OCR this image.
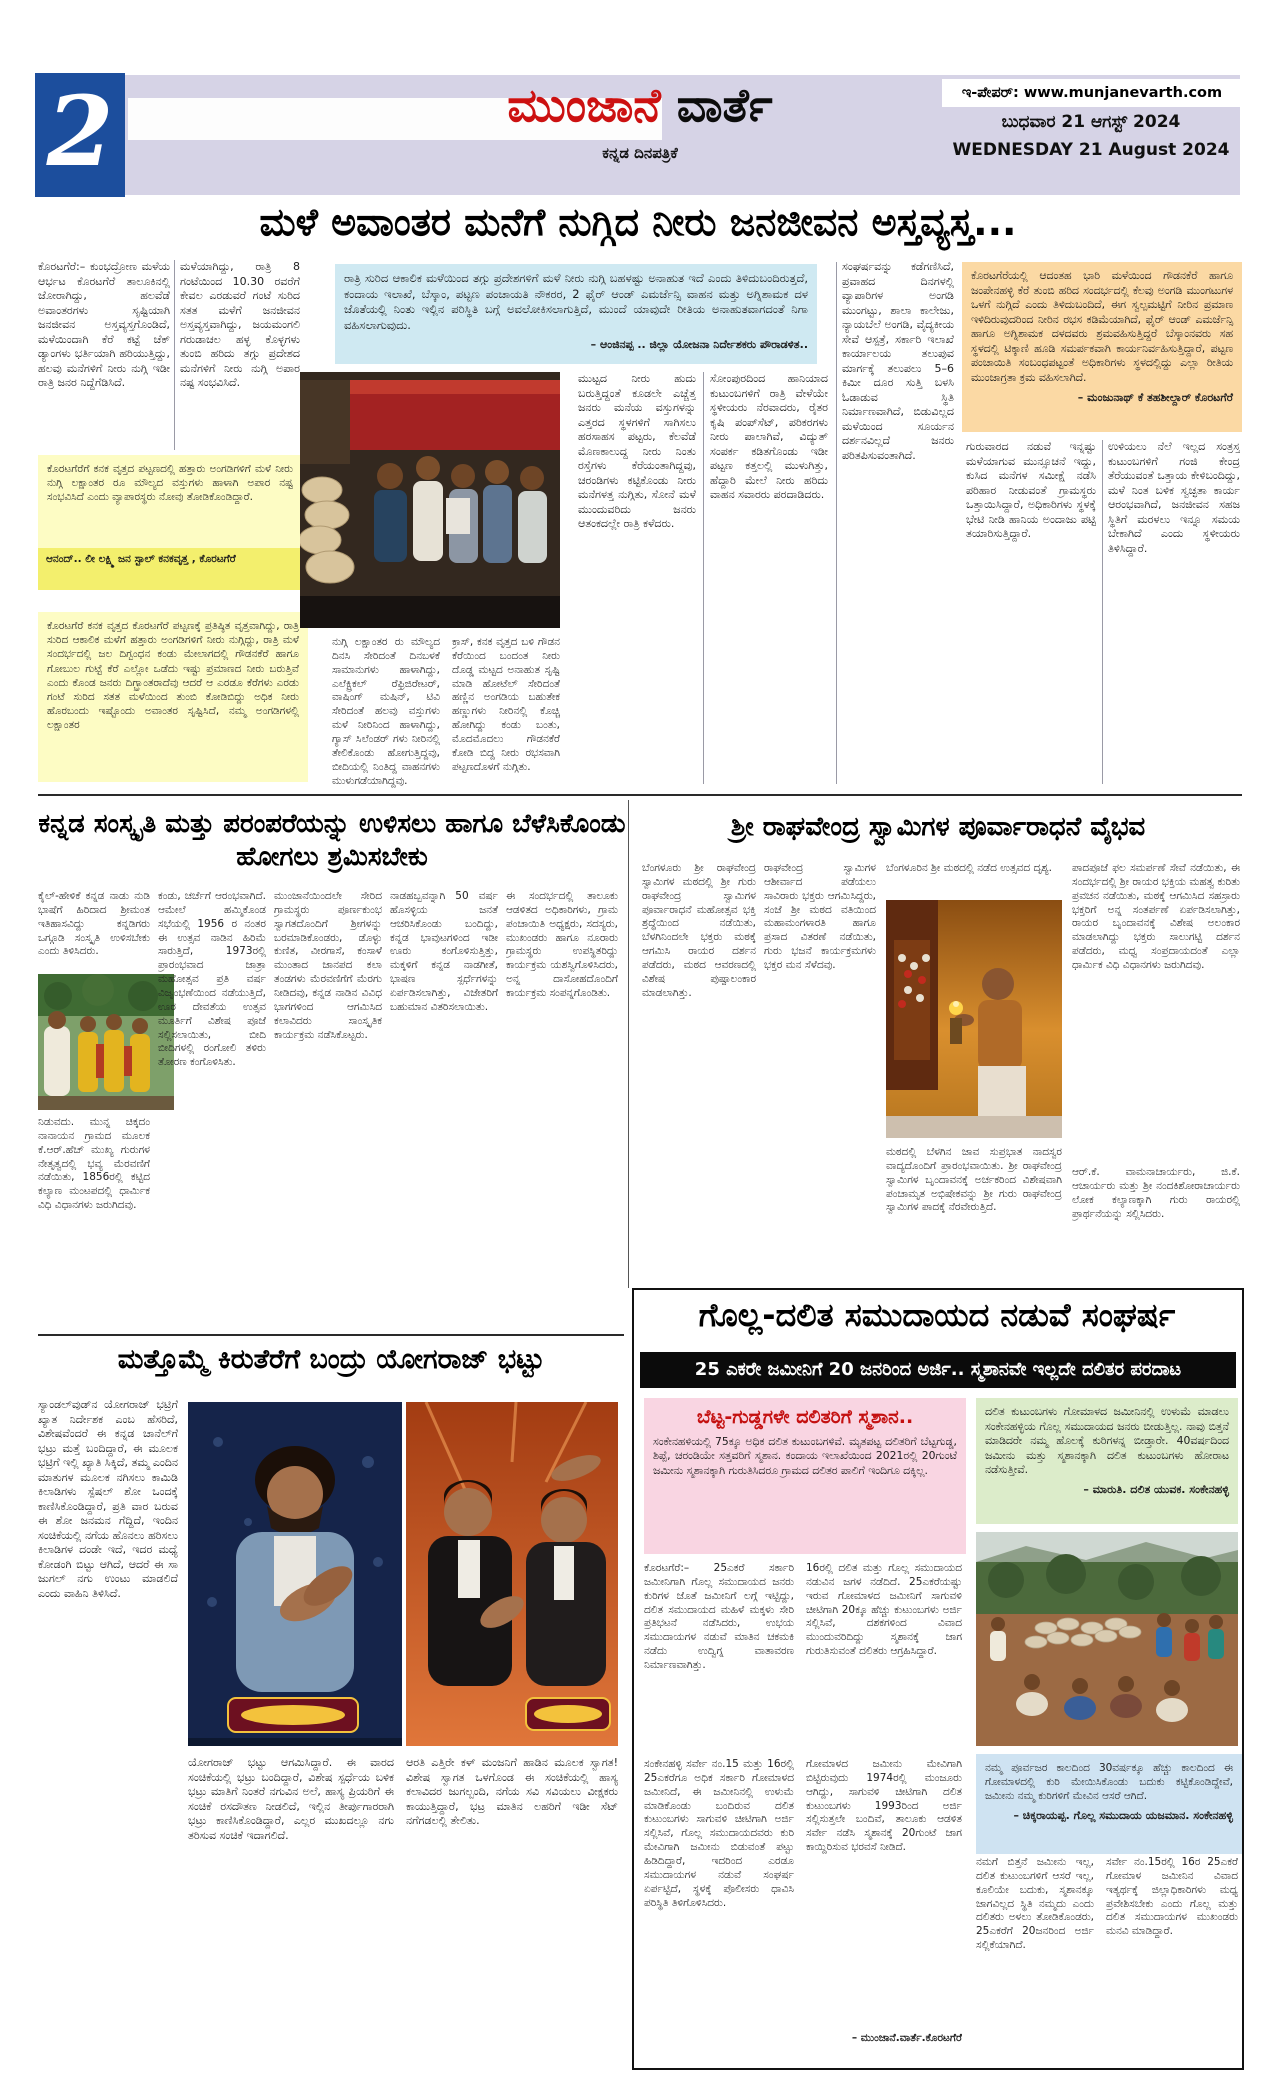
2	ಮುಂಜಾನೆ ವಾರ್ತೆ
ಕನ್ನಡ ದಿನಪತ್ರಿಕೆ
ಇ-ಪೇಪರ್: www.munjanevarth.com
ಬುಧವಾರ 21 ಆಗಸ್ಟ್ 2024
WEDNESDAY 21 August 2024
ಮಳೆ ಅವಾಂತರ ಮನೆಗೆ ನುಗ್ಗಿದ ನೀರು ಜನಜೀವನ ಅಸ್ತವ್ಯಸ್ತ...
ಕೊರಟಗೆರೆ:– ಕುಂಭದ್ರೋಣ ಮಳೆಯ ಆರ್ಭಟ ಕೊರಟಗೆರೆ ತಾಲೂಕಿನಲ್ಲಿ ಜೋರಾಗಿದ್ದು, ಹಲವೆಡೆ ಅವಾಂತರಗಳು ಸೃಷ್ಟಿಯಾಗಿ ಜನಜೀವನ ಅಸ್ತವ್ಯಸ್ತಗೊಂಡಿದೆ, ಮಳೆಯಿಂದಾಗಿ ಕೆರೆ ಕಟ್ಟೆ ಚೆಕ್ ಡ್ಯಾಂಗಳು ಭರ್ತಿಯಾಗಿ ಹರಿಯುತ್ತಿದ್ದು, ಹಲವು ಮನೆಗಳಿಗೆ ನೀರು ನುಗ್ಗಿ ಇಡೀ ರಾತ್ರಿ ಜನರ ನಿದ್ದೆಗೆಡಿಸಿದೆ.
ಮಳೆಯಾಗಿದ್ದು, ರಾತ್ರಿ 8 ಗಂಟೆಯಿಂದ 10.30 ರವರೆಗೆ ಕೇವಲ ಎರಡುವರೆ ಗಂಟೆ ಸುರಿದ ಸತತ ಮಳೆಗೆ ಜನಜೀವನ ಅಸ್ತವ್ಯಸ್ತವಾಗಿದ್ದು, ಜಯಮಂಗಲಿ ಗರುಡಾಚಲ ಹಳ್ಳ ಕೊಳ್ಳಗಳು ತುಂಬಿ ಹರಿದು ತಗ್ಗು ಪ್ರದೇಶದ ಮನೆಗಳಿಗೆ ನೀರು ನುಗ್ಗಿ ಅಪಾರ ನಷ್ಟ ಸಂಭವಿಸಿದೆ.
ಕೊರಟಗೆರೆಗೆ ಕನಕ ವೃತ್ತದ ಪಟ್ಟಣದಲ್ಲಿ ಹತ್ತಾರು ಅಂಗಡಿಗಳಿಗೆ ಮಳೆ ನೀರು ನುಗ್ಗಿ ಲಕ್ಷಾಂತರ ರೂ ಮೌಲ್ಯದ ವಸ್ತುಗಳು ಹಾಳಾಗಿ ಅಪಾರ ನಷ್ಟ ಸಂಭವಿಸಿದೆ ಎಂದು ವ್ಯಾಪಾರಸ್ಥರು ನೋವು ತೋಡಿಕೊಂಡಿದ್ದಾರೆ.
ಆನಂದ್.. ಲೀ ಲಕ್ಷ್ಮಿ ಜನ ಸ್ಟಾಲ್ ಕನಕವೃತ್ತ , ಕೊರಟಗೆರೆ
ಕೊರಟಗೆರೆ ಕನಕ ವೃತ್ತದ ಕೊರಟಗೆರೆ ಪಟ್ಟಣಕ್ಕೆ ಪ್ರತಿಷ್ಠಿತ ವೃತ್ತವಾಗಿದ್ದು, ರಾತ್ರಿ ಸುರಿದ ಆಕಾಲಿಕ ಮಳೆಗೆ ಹತ್ತಾರು ಅಂಗಡಿಗಳಿಗೆ ನೀರು ನುಗ್ಗಿದ್ದು, ರಾತ್ರಿ ಮಳೆ ಸಂದರ್ಭದಲ್ಲಿ ಜಲ ದಿಗ್ಬಂಧನ ಕಂಡು ಮೇಲಾಗದಲ್ಲಿ ಗೌಡನಕೆರೆ ಹಾಗೂ ಗೋಬುಲ ಗುಟ್ಟೆ ಕೆರೆ ಎಲ್ಲೋ ಒಡೆದು ಇಷ್ಟು ಪ್ರಮಾಣದ ನೀರು ಬರುತ್ತಿವೆ ಎಂದು ಕೊಂಡ ಜನರು ದಿಗ್ಭ್ರಾಂತರಾದೆವು ಆದರೆ ಆ ಎರಡೂ ಕೆರೆಗಳು ಎರಡು ಗಂಟೆ ಸುರಿದ ಸತತ ಮಳೆಯಿಂದ ತುಂಬಿ ಕೋಡಿಬಿದ್ದು ಅಧಿಕ ನೀರು ಹೊರಬಂದು ಇಷ್ಟೊಂದು ಅವಾಂತರ ಸೃಷ್ಟಿಸಿದೆ, ನಮ್ಮ ಅಂಗಡಿಗಳಲ್ಲಿ ಲಕ್ಷಾಂತರ
ರಾತ್ರಿ ಸುರಿದ ಆಕಾಲಿಕ ಮಳೆಯಿಂದ ತಗ್ಗು ಪ್ರದೇಶಗಳಿಗೆ ಮಳೆ ನೀರು ನುಗ್ಗಿ ಬಹಳಷ್ಟು ಅನಾಹುತ ಇದೆ ಎಂದು ತಿಳಿದುಬಂದಿರುತ್ತದೆ, ಕಂದಾಯ ಇಲಾಖೆ, ಬೆಸ್ಕಾಂ, ಪಟ್ಟಣ ಪಂಚಾಯತಿ ನೌಕರರ, 2 ಫೈರ್ ಆಂಡ್ ಎಮರ್ಜೆನ್ಸಿ ವಾಹನ ಮತ್ತು ಅಗ್ನಿಶಾಮಕ ದಳ ಜೊತೆಯಲ್ಲಿ ನಿಂತು ಇಲ್ಲಿನ ಪರಿಸ್ಥಿತಿ ಬಗ್ಗೆ ಅವಲೋಕಿಸಲಾಗುತ್ತಿದೆ, ಮುಂದೆ ಯಾವುದೇ ರೀತಿಯ ಅನಾಹುತವಾಗದಂತೆ ನಿಗಾ ವಹಿಸಲಾಗುವುದು.
– ಆಂಜಿನಪ್ಪ .. ಜಿಲ್ಲಾ ಯೋಜನಾ ನಿರ್ದೇಶಕರು ಪೌರಾಡಳಿತ..
ನುಗ್ಗಿ ಲಕ್ಷಾಂತರ ರು ಮೌಲ್ಯದ ದಿನಸಿ ಸೇರಿದಂತೆ ದಿನಬಳಕೆ ಸಾಮಾನುಗಳು ಹಾಳಾಗಿದ್ದು, ಎಲೆಕ್ಟ್ರಿಕಲ್ ರೆಫ್ರಿಜಿರೇಟರ್, ವಾಷಿಂಗ್ ಮಷಿನ್, ಟಿವಿ ಸೇರಿದಂತೆ ಹಲವು ವಸ್ತುಗಳು ಮಳೆ ನೀರಿನಿಂದ ಹಾಳಾಗಿದ್ದು, ಗ್ಯಾಸ್ ಸಿಲೆಂಡರ್ ಗಳು ನೀರಿನಲ್ಲಿ ತೇಲಿಕೊಂಡು ಹೋಗುತ್ತಿದ್ದವು, ಬೀದಿಯಲ್ಲಿ ನಿಂತಿದ್ದ ವಾಹನಗಳು ಮುಳುಗಡೆಯಾಗಿದ್ದವು.
ಕ್ರಾಸ್, ಕನಕ ವೃತ್ತದ ಬಳಿ ಗೌಡನ ಕೆರೆಯಿಂದ ಬಂದಂತ ನೀರು ದೊಡ್ಡ ಮಟ್ಟದ ಅನಾಹುತ ಸೃಷ್ಟಿ ಮಾಡಿ ಹೋಟೆಲ್ ಸೇರಿದಂತೆ ಹಣ್ಣಿನ ಅಂಗಡಿಯ ಬಹುತೇಕ ಹಣ್ಣುಗಳು ನೀರಿನಲ್ಲಿ ಕೊಚ್ಚಿ ಹೋಗಿದ್ದು ಕಂಡು ಬಂತು, ಮೊದಮೊದಲು ಗೌಡನಕೆರೆ ಕೋಡಿ ಬಿದ್ದ ನೀರು ರಭಸವಾಗಿ ಪಟ್ಟಣದೊಳಗೆ ನುಗ್ಗಿತು.
ಮುಟ್ಟದ ನೀರು ಹುದು ಬರುತ್ತಿದ್ದಂತೆ ಕೂಡಲೇ ಎಚ್ಚೆತ್ತ ಜನರು ಮನೆಯ ವಸ್ತುಗಳನ್ನು ಎತ್ತರದ ಸ್ಥಳಗಳಿಗೆ ಸಾಗಿಸಲು ಹರಸಾಹಸ ಪಟ್ಟರು, ಕೆಲವೆಡೆ ಮೊಣಕಾಲುದ್ದ ನೀರು ನಿಂತು ರಸ್ತೆಗಳು ಕೆರೆಯಂತಾಗಿದ್ದವು, ಚರಂಡಿಗಳು ಕಟ್ಟಿಕೊಂಡು ನೀರು ಮನೆಗಳತ್ತ ನುಗ್ಗಿತು, ಸೋನೆ ಮಳೆ ಮುಂದುವರಿದು ಜನರು ಆತಂಕದಲ್ಲೇ ರಾತ್ರಿ ಕಳೆದರು.
ಸೋಂಪುರದಿಂದ ಹಾನಿಯಾದ ಕುಟುಂಬಗಳಿಗೆ ರಾತ್ರಿ ವೇಳೆಯೇ ಸ್ಥಳೀಯರು ನೆರವಾದರು, ರೈತರ ಕೃಷಿ ಪಂಪ್‌ಸೆಟ್, ಪರಿಕರಗಳು ನೀರು ಪಾಲಾಗಿವೆ, ವಿದ್ಯುತ್ ಸಂಪರ್ಕ ಕಡಿತಗೊಂಡು ಇಡೀ ಪಟ್ಟಣ ಕತ್ತಲಲ್ಲಿ ಮುಳುಗಿತ್ತು, ಹೆದ್ದಾರಿ ಮೇಲೆ ನೀರು ಹರಿದು ವಾಹನ ಸವಾರರು ಪರದಾಡಿದರು.
ಸಂಘರ್ಷವನ್ನು ಕಡೆಗಣಿಸಿದೆ, ಪ್ರವಾಹದ ದಿನಗಳಲ್ಲಿ ವ್ಯಾಪಾರಿಗಳ ಅಂಗಡಿ ಮುಂಗಟ್ಟು, ಶಾಲಾ ಕಾಲೇಜು, ನ್ಯಾಯಬೆಲೆ ಅಂಗಡಿ, ವೈದ್ಯಕೀಯ ಸೇವೆ ಆಸ್ಪತ್ರೆ, ಸರ್ಕಾರಿ ಇಲಾಖೆ ಕಾರ್ಯಾಲಯ ತಲುಪುವ ಮಾರ್ಗಕ್ಕೆ ತಲುಪಲು 5–6 ಕಿಮೀ ದೂರ ಸುತ್ತಿ ಬಳಸಿ ಓಡಾಡುವ ಸ್ಥಿತಿ ನಿರ್ಮಾಣವಾಗಿದೆ, ಬಿಡುವಿಲ್ಲದ ಮಳೆಯಿಂದ ಸೂರ್ಯನ ದರ್ಶನವಿಲ್ಲದೆ ಜನರು ಪರಿತಪಿಸುವಂತಾಗಿದೆ.
ಕೊರಟಗೆರೆಯಲ್ಲಿ ಆದಂತಹ ಭಾರಿ ಮಳೆಯಿಂದ ಗೌಡನಕೆರೆ ಹಾಗೂ ಜಂಪೇನಹಳ್ಳಿ ಕೆರೆ ತುಂಬಿ ಹರಿದ ಸಂದರ್ಭದಲ್ಲಿ ಕೆಲವು ಅಂಗಡಿ ಮುಂಗಟುಗಳ ಒಳಗೆ ನುಗ್ಗಿದೆ ಎಂದು ತಿಳಿದುಬಂದಿದೆ, ಈಗ ಸ್ವಲ್ಪಮಟ್ಟಿಗೆ ನೀರಿನ ಪ್ರಮಾಣ ಇಳಿದಿರುವುದರಿಂದ ನೀರಿನ ರಭಸ ಕಡಿಮೆಯಾಗಿದೆ, ಫೈರ್ ಆಂಡ್ ಎಮರ್ಜೆನ್ಸಿ ಹಾಗೂ ಅಗ್ನಿಶಾಮಕ ದಳದವರು ಶ್ರಮವಹಿಸುತ್ತಿದ್ದರೆ ಬೆಸ್ಕಾಂನವರು ಸಹ ಸ್ಥಳದಲ್ಲಿ ಟಿಕ್ಕಾಣಿ ಹೂಡಿ ಸಮರ್ಪಕವಾಗಿ ಕಾರ್ಯನಿರ್ವಹಿಸುತ್ತಿದ್ದಾರೆ, ಪಟ್ಟಣ ಪಂಚಾಯಿತಿ ಸಂಬಂಧಪಟ್ಟಂತೆ ಅಧಿಕಾರಿಗಳು ಸ್ಥಳದಲ್ಲಿದ್ದು ಎಲ್ಲಾ ರೀತಿಯ ಮುಂಜಾಗ್ರತಾ ಕ್ರಮ ವಹಿಸಲಾಗಿದೆ.
– ಮಂಜುನಾಥ್ ಕೆ ತಹಶೀಲ್ದಾರ್ ಕೊರಟಗೆರೆ
ಗುರುವಾರದ ನಡುವೆ ಇನ್ನಷ್ಟು ಮಳೆಯಾಗುವ ಮುನ್ಸೂಚನೆ ಇದ್ದು, ಕುಸಿದ ಮನೆಗಳ ಸಮೀಕ್ಷೆ ನಡೆಸಿ ಪರಿಹಾರ ನೀಡುವಂತೆ ಗ್ರಾಮಸ್ಥರು ಒತ್ತಾಯಿಸಿದ್ದಾರೆ, ಅಧಿಕಾರಿಗಳು ಸ್ಥಳಕ್ಕೆ ಭೇಟಿ ನೀಡಿ ಹಾನಿಯ ಅಂದಾಜು ಪಟ್ಟಿ ತಯಾರಿಸುತ್ತಿದ್ದಾರೆ.
ಉಳಿಯಲು ನೆಲೆ ಇಲ್ಲದ ಸಂತ್ರಸ್ತ ಕುಟುಂಬಗಳಿಗೆ ಗಂಜಿ ಕೇಂದ್ರ ತೆರೆಯುವಂತೆ ಒತ್ತಾಯ ಕೇಳಿಬಂದಿದ್ದು, ಮಳೆ ನಿಂತ ಬಳಿಕ ಸ್ವಚ್ಛತಾ ಕಾರ್ಯ ಆರಂಭವಾಗಿದೆ, ಜನಜೀವನ ಸಹಜ ಸ್ಥಿತಿಗೆ ಮರಳಲು ಇನ್ನೂ ಸಮಯ ಬೇಕಾಗಿದೆ ಎಂದು ಸ್ಥಳೀಯರು ತಿಳಿಸಿದ್ದಾರೆ.
ಕನ್ನಡ ಸಂಸ್ಕೃತಿ ಮತ್ತು ಪರಂಪರೆಯನ್ನು ಉಳಿಸಲು ಹಾಗೂ ಬೆಳೆಸಿಕೊಂಡು ಹೋಗಲು ಶ್ರಮಿಸಬೇಕು
ಕೈಲ್-ಹೇಳಿಕೆ ಕನ್ನಡ ನಾಡು ನುಡಿ ಭಾಷೆಗೆ ಹಿರಿದಾದ ಶ್ರೀಮಂತ ಇತಿಹಾಸವಿದ್ದು ಕನ್ನಡಿಗರು ಒಗ್ಗೂಡಿ ಸಂಸ್ಕೃತಿ ಉಳಿಸಬೇಕು ಎಂದು ತಿಳಿಸಿದರು.
ನಿಡುವದು. ಮುನ್ನ ಚಿಕ್ಕದಂ ನಾನಾಯನ ಗ್ರಾಮದ ಮೂಲಕ ಕೆ.ಆರ್.ಹೆಚ್ ಮುಖ್ಯ ಗುರುಗಳ ನೇತೃತ್ವದಲ್ಲಿ ಭವ್ಯ ಮೆರವಣಿಗೆ ನಡೆಯಿತು, 1856ರಲ್ಲಿ ಕಟ್ಟಿದ ಕಲ್ಯಾಣ ಮಂಟಪದಲ್ಲಿ ಧಾರ್ಮಿಕ ವಿಧಿ ವಿಧಾನಗಳು ಜರುಗಿದವು.
ಕಂಡು, ಚರ್ಚೆಗೆ ಆರಂಭವಾಗಿದೆ. ಆಮೇಲೆ ಹಮ್ಮಿಕೊಂಡ ಸಭೆಯಲ್ಲಿ 1956 ರ ನಂತರ ಈ ಉತ್ಸವ ನಾಡಿನ ಹಿರಿಮೆ ಸಾರುತ್ತಿದೆ, 1973ರಲ್ಲಿ ಪ್ರಾರಂಭವಾದ ಜಾತ್ರಾ ಮಹೋತ್ಸವ ಪ್ರತಿ ವರ್ಷ ವಿಜೃಂಭಣೆಯಿಂದ ನಡೆಯುತ್ತಿದೆ, ಊರ ದೇವತೆಯ ಉತ್ಸವ ಮೂರ್ತಿಗೆ ವಿಶೇಷ ಪೂಜೆ ಸಲ್ಲಿಸಲಾಯಿತು, ಬೀದಿ ಬೀದಿಗಳಲ್ಲಿ ರಂಗೋಲಿ ತಳಿರು ತೋರಣ ಕಂಗೊಳಿಸಿತು.
ಮುಂಜಾನೆಯಿಂದಲೇ ಸೇರಿದ ಗ್ರಾಮಸ್ಥರು ಪೂರ್ಣಕುಂಭ ಸ್ವಾಗತದೊಂದಿಗೆ ಶ್ರೀಗಳನ್ನು ಬರಮಾಡಿಕೊಂಡರು, ಡೊಳ್ಳು ಕುಣಿತ, ವೀರಗಾಸೆ, ಕಂಸಾಳೆ ಮುಂತಾದ ಜಾನಪದ ಕಲಾ ತಂಡಗಳು ಮೆರವಣಿಗೆಗೆ ಮೆರಗು ನೀಡಿದವು, ಕನ್ನಡ ನಾಡಿನ ವಿವಿಧ ಭಾಗಗಳಿಂದ ಆಗಮಿಸಿದ ಕಲಾವಿದರು ಸಾಂಸ್ಕೃತಿಕ ಕಾರ್ಯಕ್ರಮ ನಡೆಸಿಕೊಟ್ಟರು.
ನಾಡಹಬ್ಬವನ್ನಾಗಿ 50 ವರ್ಷ ಹೊಸಳ್ಳಿಯ ಜನತೆ ಆಚರಿಸಿಕೊಂಡು ಬಂದಿದ್ದು, ಕನ್ನಡ ಭಾವುಟಗಳಿಂದ ಇಡೀ ಊರು ಕಂಗೊಳಿಸುತ್ತಿತ್ತು, ಮಕ್ಕಳಿಗೆ ಕನ್ನಡ ನಾಡಗೀತೆ, ಭಾಷಣ ಸ್ಪರ್ಧೆಗಳನ್ನು ಏರ್ಪಡಿಸಲಾಗಿತ್ತು, ವಿಜೇತರಿಗೆ ಬಹುಮಾನ ವಿತರಿಸಲಾಯಿತು.
ಈ ಸಂದರ್ಭದಲ್ಲಿ ತಾಲೂಕು ಆಡಳಿತದ ಅಧಿಕಾರಿಗಳು, ಗ್ರಾಮ ಪಂಚಾಯಿತಿ ಅಧ್ಯಕ್ಷರು, ಸದಸ್ಯರು, ಮುಖಂಡರು ಹಾಗೂ ನೂರಾರು ಗ್ರಾಮಸ್ಥರು ಉಪಸ್ಥಿತರಿದ್ದು ಕಾರ್ಯಕ್ರಮ ಯಶಸ್ವಿಗೊಳಿಸಿದರು, ಅನ್ನ ದಾಸೋಹದೊಂದಿಗೆ ಕಾರ್ಯಕ್ರಮ ಸಂಪನ್ನಗೊಂಡಿತು.
ಶ್ರೀ ರಾಘವೇಂದ್ರ ಸ್ವಾಮಿಗಳ ಪೂರ್ವಾರಾಧನೆ ವೈಭವ
ಬೆಂಗಳೂರು ಶ್ರೀ ರಾಘವೇಂದ್ರ ಸ್ವಾಮಿಗಳ ಮಠದಲ್ಲಿ ಶ್ರೀ ಗುರು ರಾಘವೇಂದ್ರ ಸ್ವಾಮಿಗಳ ಪೂರ್ವಾರಾಧನೆ ಮಹೋತ್ಸವ ಭಕ್ತಿ ಶ್ರದ್ಧೆಯಿಂದ ನಡೆಯಿತು, ಬೆಳಗಿನಿಂದಲೇ ಭಕ್ತರು ಮಠಕ್ಕೆ ಆಗಮಿಸಿ ರಾಯರ ದರ್ಶನ ಪಡೆದರು, ಮಠದ ಆವರಣದಲ್ಲಿ ವಿಶೇಷ ಪುಷ್ಪಾಲಂಕಾರ ಮಾಡಲಾಗಿತ್ತು.
ರಾಘವೇಂದ್ರ ಸ್ವಾಮಿಗಳ ಆಶೀರ್ವಾದ ಪಡೆಯಲು ಸಾವಿರಾರು ಭಕ್ತರು ಆಗಮಿಸಿದ್ದರು, ಸಂಜೆ ಶ್ರೀ ಮಠದ ವತಿಯಿಂದ ಮಹಾಮಂಗಳಾರತಿ ಹಾಗೂ ಪ್ರಸಾದ ವಿತರಣೆ ನಡೆಯಿತು, ಗುರು ಭಜನೆ ಕಾರ್ಯಕ್ರಮಗಳು ಭಕ್ತರ ಮನ ಸೆಳೆದವು.
ಬೆಂಗಳೂರಿನ ಶ್ರೀ ಮಠದಲ್ಲಿ ನಡೆದ ಉತ್ಸವದ ದೃಶ್ಯ.	ಪಾದಪೂಜೆ ಫಲ ಸಮರ್ಪಣೆ ಸೇವೆ ನಡೆಯಿತು, ಈ ಸಂದರ್ಭದಲ್ಲಿ ಶ್ರೀ ರಾಯರ ಭಕ್ತಿಯ ಮಹತ್ವ ಕುರಿತು ಪ್ರವಚನ ನಡೆಯಿತು, ಮಠಕ್ಕೆ ಆಗಮಿಸಿದ ಸಹಸ್ರಾರು ಭಕ್ತರಿಗೆ ಅನ್ನ ಸಂತರ್ಪಣೆ ಏರ್ಪಡಿಸಲಾಗಿತ್ತು, ರಾಯರ ಬೃಂದಾವನಕ್ಕೆ ವಿಶೇಷ ಅಲಂಕಾರ ಮಾಡಲಾಗಿದ್ದು ಭಕ್ತರು ಸಾಲುಗಟ್ಟಿ ದರ್ಶನ ಪಡೆದರು, ಮಧ್ವ ಸಂಪ್ರದಾಯದಂತೆ ಎಲ್ಲಾ ಧಾರ್ಮಿಕ ವಿಧಿ ವಿಧಾನಗಳು ಜರುಗಿದವು.
ಮಠದಲ್ಲಿ ಬೆಳಗಿನ ಜಾವ ಸುಪ್ರಭಾತ ನಾದಸ್ವರ ವಾದ್ಯದೊಂದಿಗೆ ಪ್ರಾರಂಭವಾಯಿತು. ಶ್ರೀ ರಾಘವೇಂದ್ರ ಸ್ವಾಮಿಗಳ ಬೃಂದಾವನಕ್ಕೆ ಅರ್ಚಕರಿಂದ ವಿಶೇಷವಾಗಿ ಪಂಚಾಮೃತ ಅಭಿಷೇಕವನ್ನು ಶ್ರೀ ಗುರು ರಾಘವೇಂದ್ರ ಸ್ವಾಮಿಗಳ ಪಾದಕ್ಕೆ ನೆರವೇರುತ್ತಿದೆ.
ಆರ್.ಕೆ. ವಾಮನಾಚಾರ್ಯರು, ಜಿ.ಕೆ. ಆಚಾರ್ಯರು ಮತ್ತು ಶ್ರೀ ನಂದಕಿಶೋರಾಚಾರ್ಯರು ಲೋಕ ಕಲ್ಯಾಣಕ್ಕಾಗಿ ಗುರು ರಾಯರಲ್ಲಿ ಪ್ರಾರ್ಥನೆಯನ್ನು ಸಲ್ಲಿಸಿದರು.
ಮತ್ತೊಮ್ಮೆ ಕಿರುತೆರೆಗೆ ಬಂದ್ರು ಯೋಗರಾಜ್ ಭಟ್ಟು
ಸ್ಯಾಂಡಲ್‌ವುಡ್‌ನ ಯೋಗರಾಜ್ ಭಟ್ರಿಗೆ ಖ್ಯಾತ ನಿರ್ದೇಶಕ ಎಂಬ ಹೆಸರಿದೆ, ವಿಶೇಷವೆಂದರೆ ಈ ಕನ್ನಡ ಚಾನೆಲ್‌ಗೆ ಭಟ್ರು ಮತ್ತೆ ಬಂದಿದ್ದಾರೆ, ಈ ಮೂಲಕ ಭಟ್ರಿಗೆ ಇಲ್ಲಿ ಖ್ಯಾತಿ ಸಿಕ್ಕಿದೆ, ತಮ್ಮ ಎಂದಿನ ಮಾತುಗಳ ಮೂಲಕ ನಗಿಸಲು ಕಾಮಿಡಿ ಕಿಲಾಡಿಗಳು ಸ್ಪೆಷಲ್ ಶೋ ಒಂದಕ್ಕೆ ಕಾಣಿಸಿಕೊಂಡಿದ್ದಾರೆ, ಪ್ರತಿ ವಾರ ಬರುವ ಈ ಶೋ ಜನಮನ ಗೆದ್ದಿದೆ, ಇಂದಿನ ಸಂಚಿಕೆಯಲ್ಲಿ ನಗೆಯ ಹೊನಲು ಹರಿಸಲು ಕಿಲಾಡಿಗಳ ದಂಡೇ ಇದೆ, ಇದರ ಮಧ್ಯೆ ಕೋಡಂಗಿ ಬಿಟ್ಟು ಆಗಿದೆ, ಆದರೆ ಈ ಸಾ ಜುಗಲ್ ನಗು ಉಂಟು ಮಾಡಲಿದೆ ಎಂದು ವಾಹಿನಿ ತಿಳಿಸಿದೆ.
ಯೋಗರಾಜ್ ಭಟ್ಟು ಆಗಮಿಸಿದ್ದಾರೆ. ಈ ವಾರದ ಸಂಚಿಕೆಯಲ್ಲಿ ಭಟ್ರು ಬಂದಿದ್ದಾರೆ, ವಿಶೇಷ ಸ್ಪರ್ಧೆಯ ಬಳಿಕ ಭಟ್ರು ಮಾತಿಗೆ ನಿಂತರೆ ನಗುವಿನ ಅಲೆ, ಹಾಸ್ಯ ಪ್ರಿಯರಿಗೆ ಈ ಸಂಚಿಕೆ ರಸದೌತಣ ನೀಡಲಿದೆ, ಇಲ್ಲಿನ ತೀರ್ಪುಗಾರರಾಗಿ ಭಟ್ರು ಕಾಣಿಸಿಕೊಂಡಿದ್ದಾರೆ, ಎಲ್ಲರ ಮುಖದಲ್ಲೂ ನಗು ತರಿಸುವ ಸಂಚಿಕೆ ಇದಾಗಲಿದೆ.
ಆರತಿ ಎತ್ತಿರೇ ಕಳ್ ಮಂಜನಿಗೆ ಹಾಡಿನ ಮೂಲಕ ಸ್ವಾಗತ! ವಿಶೇಷ ಸ್ವಾಗತ ಒಳಗೊಂಡ ಈ ಸಂಚಿಕೆಯಲ್ಲಿ ಹಾಸ್ಯ ಕಲಾವಿದರ ಜುಗಲ್ಬಂದಿ, ನಗೆಯ ಸವಿ ಸವಿಯಲು ವೀಕ್ಷಕರು ಕಾಯುತ್ತಿದ್ದಾರೆ, ಭಟ್ರ ಮಾತಿನ ಲಹರಿಗೆ ಇಡೀ ಸೆಟ್ ನಗೆಗಡಲಲ್ಲಿ ತೇಲಿತು.
ಗೊಲ್ಲ-ದಲಿತ ಸಮುದಾಯದ ನಡುವೆ ಸಂಘರ್ಷ
25 ಎಕರೇ ಜಮೀನಿಗೆ 20 ಜನರಿಂದ ಅರ್ಜಿ.. ಸ್ಮಶಾನವೇ ಇಲ್ಲದೇ ದಲಿತರ ಪರದಾಟ
ಬೆಟ್ಟ-ಗುಡ್ಡಗಳೇ ದಲಿತರಿಗೆ ಸ್ಮಶಾನ..
ಸಂಕೇನಹಳಿಯಲ್ಲಿ 75ಕ್ಕೂ ಅಧಿಕ ದಲಿತ ಕುಟುಂಬಗಳಿವೆ. ಮೃತಪಟ್ಟ ದಲಿತರಿಗೆ ಬೆಟ್ಟಗುಡ್ಡ, ಶಿಪ್ಪೆ, ಚರಂಡಿಯೇ ಸತ್ತವರಿಗೆ ಸ್ಮಶಾನ. ಕಂದಾಯ ಇಲಾಖೆಯಿಂದ 2021ರಲ್ಲಿ 20ಗುಂಟೆ ಜಮೀನು ಸ್ಮಶಾನಕ್ಕಾಗಿ ಗುರುತಿಸಿದರೂ ಗ್ರಾಮದ ದಲಿತರ ಪಾಲಿಗೆ ಇಂದಿಗೂ ದಕ್ಕಿಲ್ಲ.
ದಲಿತ ಕುಟುಂಬಗಳು ಗೋಮಾಳದ ಜಮೀನಿನಲ್ಲಿ ಉಳುಮೆ ಮಾಡಲು ಸಂಕೇನಹಳ್ಳಿಯ ಗೊಲ್ಲ ಸಮುದಾಯದ ಜನರು ಬೀಡುತ್ತಿಲ್ಲ. ನಾವು ಬಿತ್ತನೆ ಮಾಡಿದರೇ ನಮ್ಮ ಹೊಲಕ್ಕೆ ಕುರಿಗಳನ್ನ ಬೀಡ್ತಾರೇ. 40ವರ್ಷದಿಂದ ಜಮೀನು ಮತ್ತು ಸ್ಮಶಾನಕ್ಕಾಗಿ ದಲಿತ ಕುಟುಂಬಗಳು ಹೋರಾಟ ನಡೆಸುತ್ತೀವೆ.
– ಮಾರುತಿ. ದಲಿತ ಯುವಕ. ಸಂಕೇನಹಳ್ಳಿ
ಕೊರಟಗೆರೆ:– 25ಎಕರೆ ಸರ್ಕಾರಿ ಜಮೀನಿಗಾಗಿ ಗೊಲ್ಲ ಸಮುದಾಯದ ಜನರು ಕುರಿಗಳ ಜೊತೆ ಜಮೀನಿಗೆ ಲಗ್ಗೆ ಇಟ್ಟಿದ್ದು, ದಲಿತ ಸಮುದಾಯದ ಮಹಿಳೆ ಮಕ್ಕಳು ಸೇರಿ ಪ್ರತಿಭಟನೆ ನಡೆಸಿದರು, ಉಭಯ ಸಮುದಾಯಗಳ ನಡುವೆ ಮಾತಿನ ಚಕಮಕಿ ನಡೆದು ಉದ್ವಿಗ್ನ ವಾತಾವರಣ ನಿರ್ಮಾಣವಾಗಿತ್ತು.
16ರಲ್ಲಿ ದಲಿತ ಮತ್ತು ಗೊಲ್ಲ ಸಮುದಾಯದ ನಡುವಿನ ಜಗಳ ನಡೆದಿದೆ. 25ಎಕರೆಯಷ್ಟು ಇರುವ ಗೋಮಾಳದ ಜಮೀನಿಗೆ ಸಾಗುವಳಿ ಚೀಟಿಗಾಗಿ 20ಕ್ಕೂ ಹೆಚ್ಚು ಕುಟುಂಬಗಳು ಅರ್ಜಿ ಸಲ್ಲಿಸಿವೆ, ದಶಕಗಳಿಂದ ವಿವಾದ ಮುಂದುವರಿದಿದ್ದು ಸ್ಮಶಾನಕ್ಕೆ ಜಾಗ ಗುರುತಿಸುವಂತೆ ದಲಿತರು ಆಗ್ರಹಿಸಿದ್ದಾರೆ.
ನಮ್ಮ ಪೂರ್ವಜರ ಕಾಲದಿಂದ 30ವರ್ಷಕ್ಕೂ ಹೆಚ್ಚು ಕಾಲದಿಂದ ಈ ಗೋಮಾಳದಲ್ಲಿ ಕುರಿ ಮೇಯಿಸಿಕೊಂಡು ಬದುಕು ಕಟ್ಟಿಕೊಂಡಿದ್ದೇವೆ, ಜಮೀನು ನಮ್ಮ ಕುರಿಗಳಿಗೆ ಮೇವಿನ ಆಸರೆ ಆಗಿದೆ.
– ಚಿಕ್ಕರಾಯಪ್ಪ. ಗೊಲ್ಲ ಸಮುದಾಯ ಯಜಮಾನ. ಸಂಕೇನಹಳ್ಳಿ
ಸಂಕೇನಹಳ್ಳಿ ಸರ್ವೇ ನಂ.15 ಮತ್ತು 16ರಲ್ಲಿ 25ಎಕರೆಗೂ ಅಧಿಕ ಸರ್ಕಾರಿ ಗೋಮಾಳದ ಜಮೀನಿದೆ, ಈ ಜಮೀನಿನಲ್ಲಿ ಉಳುಮೆ ಮಾಡಿಕೊಂಡು ಬಂದಿರುವ ದಲಿತ ಕುಟುಂಬಗಳು ಸಾಗುವಳಿ ಚೀಟಿಗಾಗಿ ಅರ್ಜಿ ಸಲ್ಲಿಸಿವೆ, ಗೊಲ್ಲ ಸಮುದಾಯದವರು ಕುರಿ ಮೇವಿಗಾಗಿ ಜಮೀನು ಬಿಡುವಂತೆ ಪಟ್ಟು ಹಿಡಿದಿದ್ದಾರೆ, ಇದರಿಂದ ಎರಡೂ ಸಮುದಾಯಗಳ ನಡುವೆ ಸಂಘರ್ಷ ಏರ್ಪಟ್ಟಿದೆ, ಸ್ಥಳಕ್ಕೆ ಪೊಲೀಸರು ಧಾವಿಸಿ ಪರಿಸ್ಥಿತಿ ತಿಳಿಗೊಳಿಸಿದರು.
ಗೋಮಾಳದ ಜಮೀನು ಮೇವಿಗಾಗಿ ಬಿಟ್ಟಿರುವುದು 1974ರಲ್ಲಿ ಮಂಜೂರು ಆಗಿದ್ದು, ಸಾಗುವಳಿ ಚೀಟಿಗಾಗಿ ದಲಿತ ಕುಟುಂಬಗಳು 1993ರಿಂದ ಅರ್ಜಿ ಸಲ್ಲಿಸುತ್ತಲೇ ಬಂದಿವೆ, ತಾಲೂಕು ಆಡಳಿತ ಸರ್ವೇ ನಡೆಸಿ ಸ್ಮಶಾನಕ್ಕೆ 20ಗುಂಟೆ ಜಾಗ ಕಾಯ್ದಿರಿಸುವ ಭರವಸೆ ನೀಡಿದೆ.
– ಮುಂಜಾನೆ.ವಾರ್ತೆ.ಕೊರಟಗೆರೆ
ನಮಗೆ ಬಿತ್ತನೆ ಜಮೀನು ಇಲ್ಲ, ದಲಿತ ಕುಟುಂಬಗಳಿಗೆ ಆಸರೆ ಇಲ್ಲ, ಕೂಲಿಯೇ ಬದುಕು, ಸ್ಮಶಾನಕ್ಕೂ ಜಾಗವಿಲ್ಲದ ಸ್ಥಿತಿ ನಮ್ಮದು ಎಂದು ದಲಿತರು ಅಳಲು ತೋಡಿಕೊಂಡರು, 25ಎಕರೆಗೆ 20ಜನರಿಂದ ಅರ್ಜಿ ಸಲ್ಲಿಕೆಯಾಗಿದೆ.
ಸರ್ವೇ ನಂ.15ರಲ್ಲಿ 16ರ 25ಎಕರೆ ಗೋಮಾಳ ಜಮೀನಿನ ವಿವಾದ ಇತ್ಯರ್ಥಕ್ಕೆ ಜಿಲ್ಲಾಧಿಕಾರಿಗಳು ಮಧ್ಯ ಪ್ರವೇಶಿಸಬೇಕು ಎಂದು ಗೊಲ್ಲ ಮತ್ತು ದಲಿತ ಸಮುದಾಯಗಳ ಮುಖಂಡರು ಮನವಿ ಮಾಡಿದ್ದಾರೆ.
